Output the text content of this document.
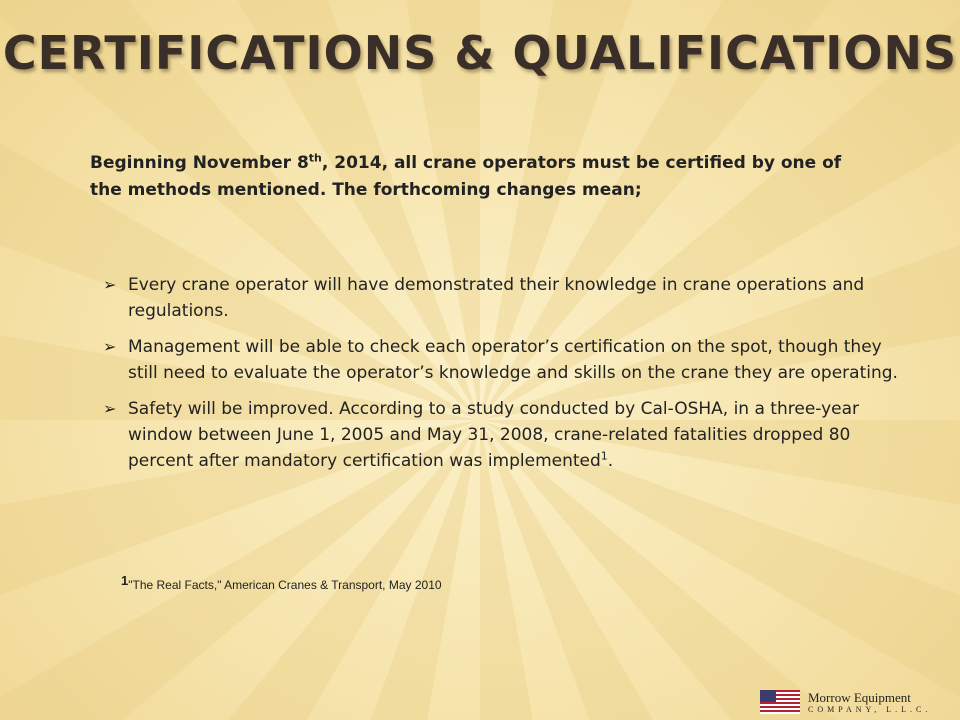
CERTIFICATIONS & QUALIFICATIONS
Beginning November 8th, 2014, all crane operators must be certified by one of the methods mentioned. The forthcoming changes mean;
➢ Every crane operator will have demonstrated their knowledge in crane operations and regulations.
➢ Management will be able to check each operator’s certification on the spot, though they still need to evaluate the operator’s knowledge and skills on the crane they are operating.
➢ Safety will be improved. According to a study conducted by Cal-OSHA, in a three-year window between June 1, 2005 and May 31, 2008, crane-related fatalities dropped 80 percent after mandatory certification was implemented$^1$.
1"The Real Facts," American Cranes & Transport, May 2010
Morrow Equipment
COMPANY, L.L.C.
